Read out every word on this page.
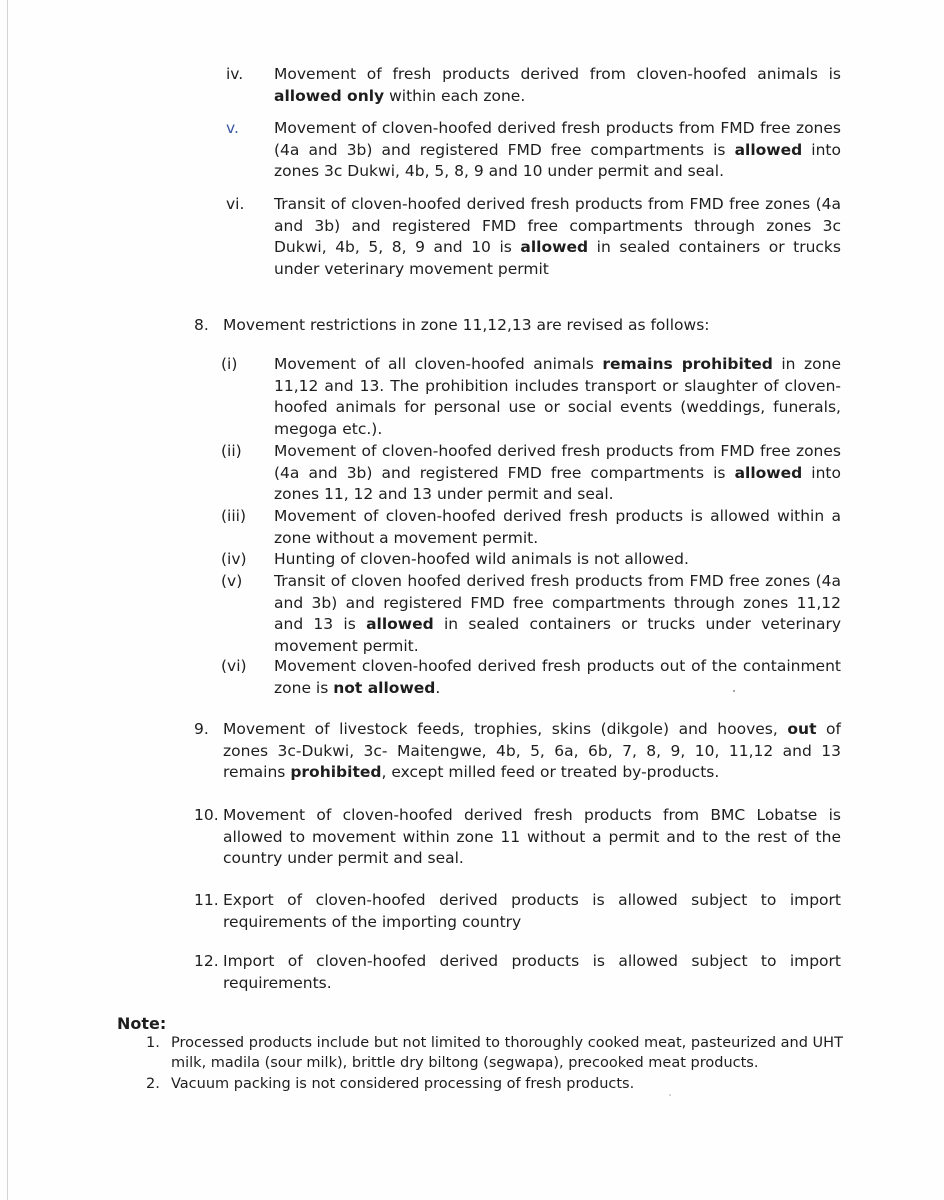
iv.	Movement of fresh products derived from cloven-hoofed animals is allowed only within each zone.
v.	Movement of cloven-hoofed derived fresh products from FMD free zones (4a and 3b) and registered FMD free compartments is allowed into zones 3c Dukwi, 4b, 5, 8, 9 and 10 under permit and seal.
vi.	Transit of cloven-hoofed derived fresh products from FMD free zones (4a and 3b) and registered FMD free compartments through zones 3c Dukwi, 4b, 5, 8, 9 and 10 is allowed in sealed containers or trucks under veterinary movement permit
8. Movement restrictions in zone 11,12,13 are revised as follows:
(i)	Movement of all cloven-hoofed animals remains prohibited in zone 11,12 and 13. The prohibition includes transport or slaughter of cloven-hoofed animals for personal use or social events (weddings, funerals, megoga etc.).
(ii)	Movement of cloven-hoofed derived fresh products from FMD free zones (4a and 3b) and registered FMD free compartments is allowed into zones 11, 12 and 13 under permit and seal.
(iii)	Movement of cloven-hoofed derived fresh products is allowed within a zone without a movement permit.
(iv)	Hunting of cloven-hoofed wild animals is not allowed.
(v)	Transit of cloven hoofed derived fresh products from FMD free zones (4a and 3b) and registered FMD free compartments through zones 11,12 and 13 is allowed in sealed containers or trucks under veterinary movement permit.
(vi)	Movement cloven-hoofed derived fresh products out of the containment zone is not allowed.
9. Movement of livestock feeds, trophies, skins (dikgole) and hooves, out of zones 3c-Dukwi, 3c- Maitengwe, 4b, 5, 6a, 6b, 7, 8, 9, 10, 11,12 and 13 remains prohibited, except milled feed or treated by-products.
10. Movement of cloven-hoofed derived fresh products from BMC Lobatse is allowed to movement within zone 11 without a permit and to the rest of the country under permit and seal.
11. Export of cloven-hoofed derived products is allowed subject to import requirements of the importing country
12. Import of cloven-hoofed derived products is allowed subject to import requirements.
Note:
1. Processed products include but not limited to thoroughly cooked meat, pasteurized and UHT milk, madila (sour milk), brittle dry biltong (segwapa), precooked meat products.
2. Vacuum packing is not considered processing of fresh products.
